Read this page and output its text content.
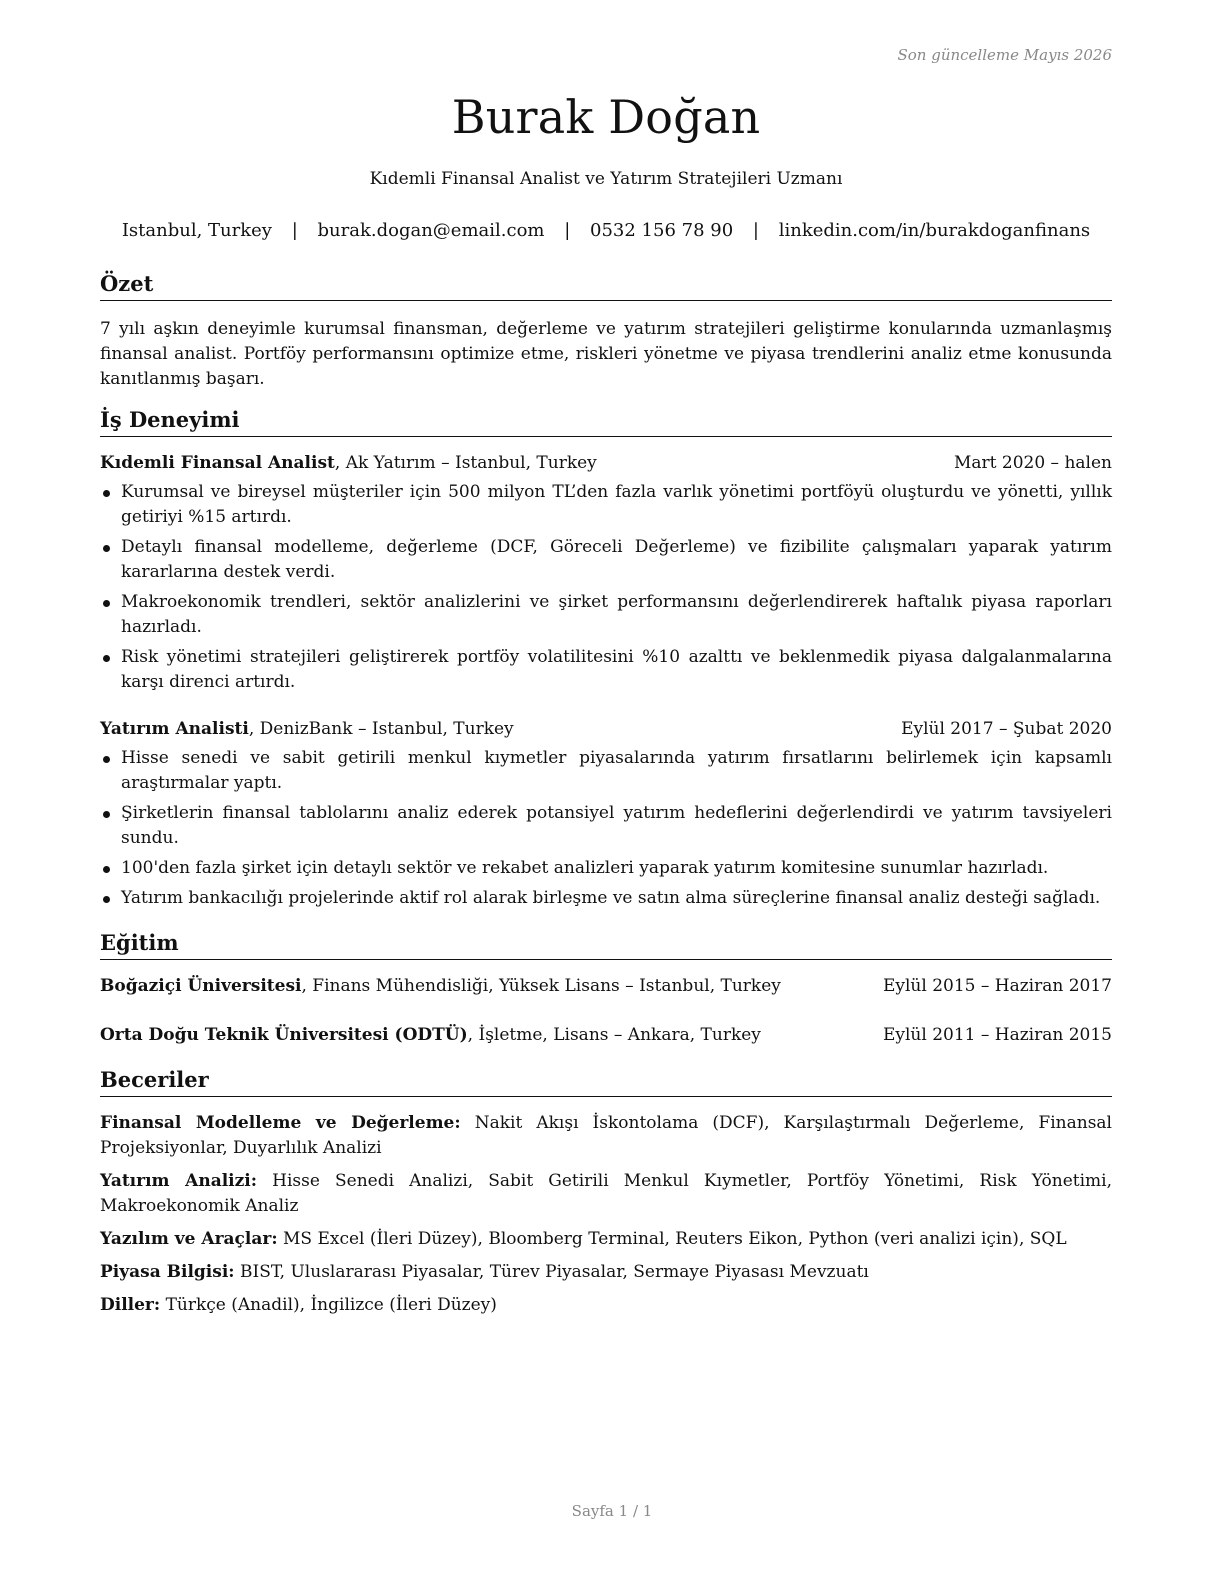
Son güncelleme Mayıs 2026
Burak Doğan
Kıdemli Finansal Analist ve Yatırım Stratejileri Uzmanı
Istanbul, Turkey | burak.dogan@email.com | 0532 156 78 90 | linkedin.com/in/burakdoganfinans
Özet

7 yılı aşkın deneyimle kurumsal finansman, değerleme ve yatırım stratejileri geliştirme konularında uzmanlaşmış finansal analist. Portföy performansını optimize etme, riskleri yönetme ve piyasa trendlerini analiz etme konusunda kanıtlanmış başarı.

İş Deneyimi
Kıdemli Finansal Analist, Ak Yatırım – Istanbul, Turkey	Mart 2020 – halen
Kurumsal ve bireysel müşteriler için 500 milyon TL’den fazla varlık yönetimi portföyü oluşturdu ve yönetti, yıllık getiriyi %15 artırdı.
Detaylı finansal modelleme, değerleme (DCF, Göreceli Değerleme) ve fizibilite çalışmaları yaparak yatırım kararlarına destek verdi.
Makroekonomik trendleri, sektör analizlerini ve şirket performansını değerlendirerek haftalık piyasa raporları hazırladı.
Risk yönetimi stratejileri geliştirerek portföy volatilitesini %10 azalttı ve beklenmedik piyasa dalgalanmalarına karşı direnci artırdı.
Yatırım Analisti, DenizBank – Istanbul, Turkey	Eylül 2017 – Şubat 2020
Hisse senedi ve sabit getirili menkul kıymetler piyasalarında yatırım fırsatlarını belirlemek için kapsamlı araştırmalar yaptı.
Şirketlerin finansal tablolarını analiz ederek potansiyel yatırım hedeflerini değerlendirdi ve yatırım tavsiyeleri sundu.
100'den fazla şirket için detaylı sektör ve rekabet analizleri yaparak yatırım komitesine sunumlar hazırladı.
Yatırım bankacılığı projelerinde aktif rol alarak birleşme ve satın alma süreçlerine finansal analiz desteği sağladı.
Eğitim
Boğaziçi Üniversitesi, Finans Mühendisliği, Yüksek Lisans – Istanbul, Turkey	Eylül 2015 – Haziran 2017
Orta Doğu Teknik Üniversitesi (ODTÜ), İşletme, Lisans – Ankara, Turkey	Eylül 2011 – Haziran 2015
Beceriler
Finansal Modelleme ve Değerleme: Nakit Akışı İskontolama (DCF), Karşılaştırmalı Değerleme, Finansal Projeksiyonlar, Duyarlılık Analizi
Yatırım Analizi: Hisse Senedi Analizi, Sabit Getirili Menkul Kıymetler, Portföy Yönetimi, Risk Yönetimi, Makroekonomik Analiz
Yazılım ve Araçlar: MS Excel (İleri Düzey), Bloomberg Terminal, Reuters Eikon, Python (veri analizi için), SQL
Piyasa Bilgisi: BIST, Uluslararası Piyasalar, Türev Piyasalar, Sermaye Piyasası Mevzuatı
Diller: Türkçe (Anadil), İngilizce (İleri Düzey)
Sayfa 1 / 1
